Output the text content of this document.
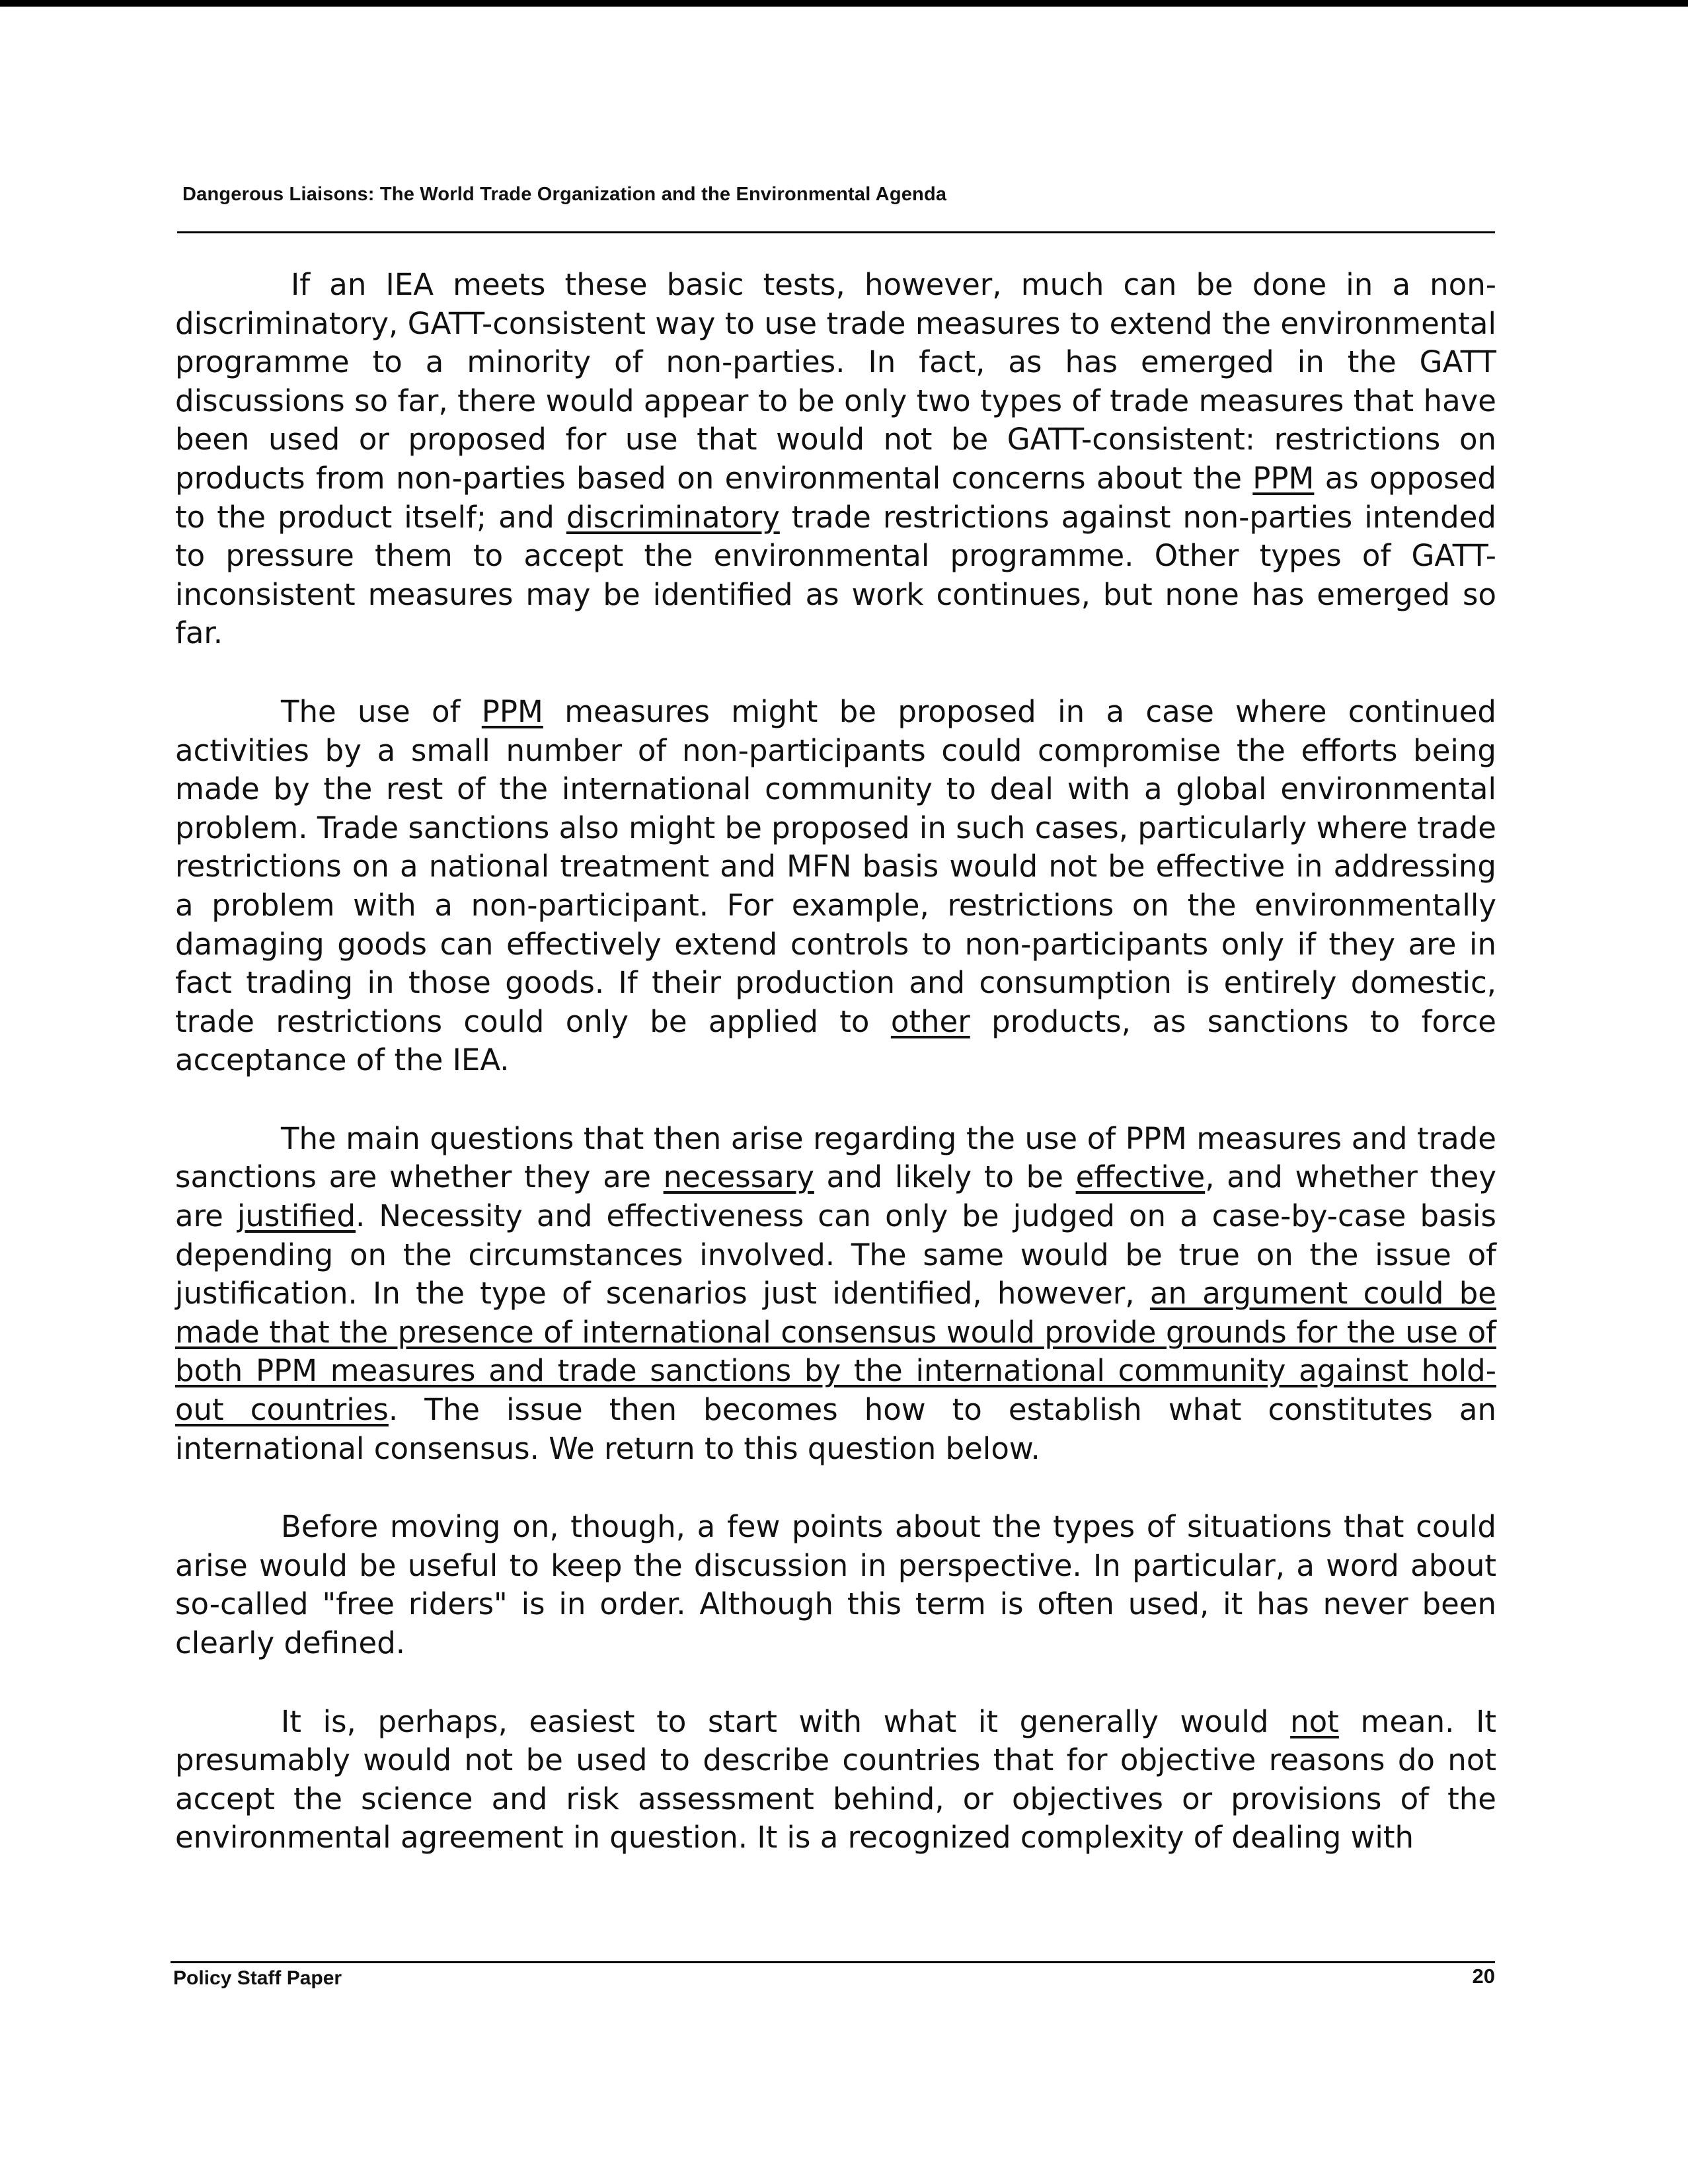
Dangerous Liaisons: The World Trade Organization and the Environmental Agenda

If an IEA meets these basic tests, however, much can be done in a non-discriminatory, GATT-consistent way to use trade measures to extend the environmental programme to a minority of non-parties. In fact, as has emerged in the GATT discussions so far, there would appear to be only two types of trade measures that have been used or proposed for use that would not be GATT-consistent: restrictions on products from non-parties based on environmental concerns about the PPM as opposed to the product itself; and discriminatory trade restrictions against non-parties intended to pressure them to accept the environmental programme. Other types of GATT-inconsistent measures may be identified as work continues, but none has emerged so far.

The use of PPM measures might be proposed in a case where continued activities by a small number of non-participants could compromise the efforts being made by the rest of the international community to deal with a global environmental problem. Trade sanctions also might be proposed in such cases, particularly where trade restrictions on a national treatment and MFN basis would not be effective in addressing a problem with a non-participant. For example, restrictions on the environmentally damaging goods can effectively extend controls to non-participants only if they are in fact trading in those goods. If their production and consumption is entirely domestic, trade restrictions could only be applied to other products, as sanctions to force acceptance of the IEA.

The main questions that then arise regarding the use of PPM measures and trade sanctions are whether they are necessary and likely to be effective, and whether they are justified. Necessity and effectiveness can only be judged on a case-by-case basis depending on the circumstances involved. The same would be true on the issue of justification. In the type of scenarios just identified, however, an argument could be made that the presence of international consensus would provide grounds for the use of both PPM measures and trade sanctions by the international community against hold-out countries. The issue then becomes how to establish what constitutes an international consensus. We return to this question below.

Before moving on, though, a few points about the types of situations that could arise would be useful to keep the discussion in perspective. In particular, a word about so-called "free riders" is in order. Although this term is often used, it has never been clearly defined.

It is, perhaps, easiest to start with what it generally would not mean. It presumably would not be used to describe countries that for objective reasons do not accept the science and risk assessment behind, or objectives or provisions of the environmental agreement in question. It is a recognized complexity of dealing with

Policy Staff Paper	20
